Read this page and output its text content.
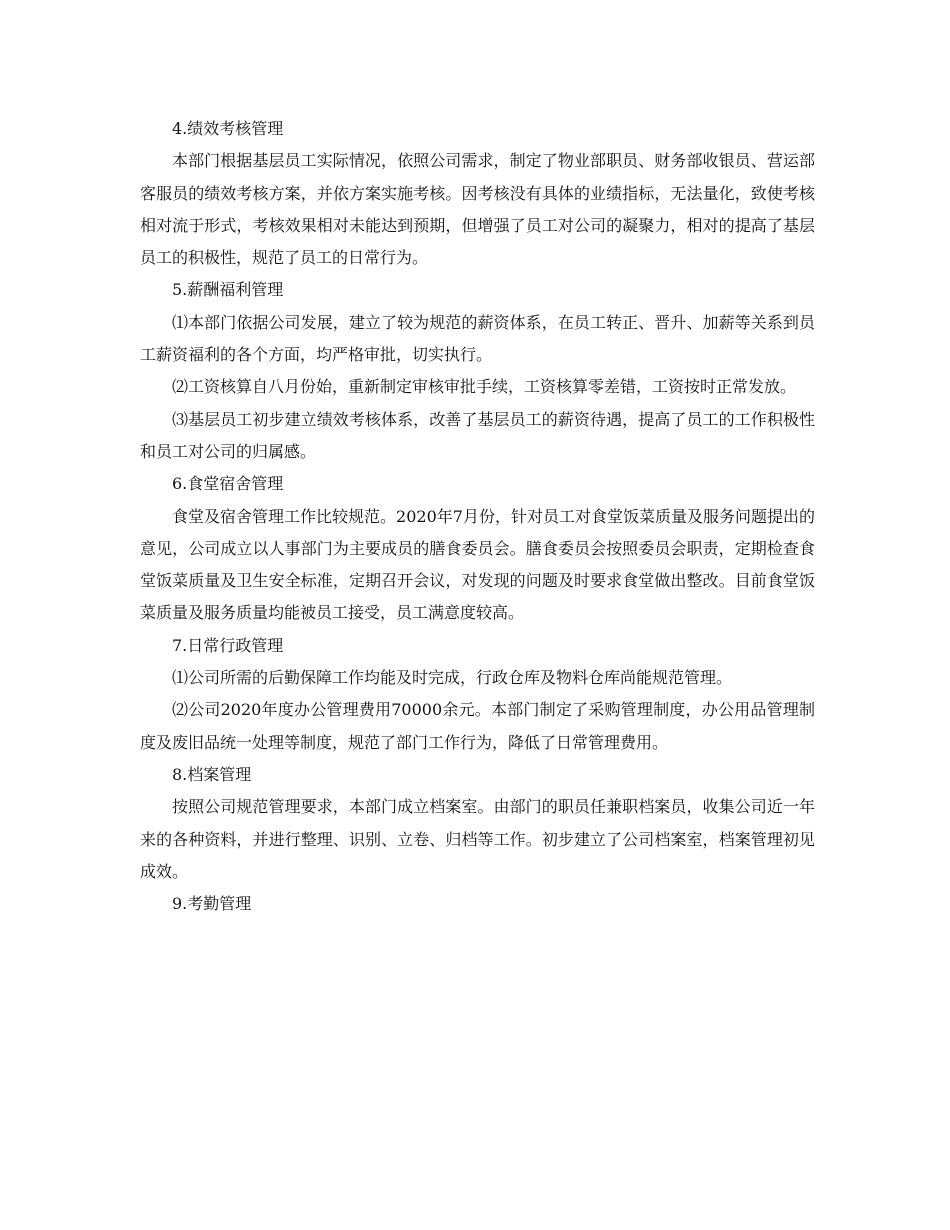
4.绩效考核管理

本部门根据基层员工实际情况，依照公司需求，制定了物业部职员、财务部收银员、营运部客服员的绩效考核方案，并依方案实施考核。因考核没有具体的业绩指标，无法量化，致使考核相对流于形式，考核效果相对未能达到预期，但增强了员工对公司的凝聚力，相对的提高了基层员工的积极性，规范了员工的日常行为。

5.薪酬福利管理

⑴本部门依据公司发展，建立了较为规范的薪资体系，在员工转正、晋升、加薪等关系到员工薪资福利的各个方面，均严格审批，切实执行。

⑵工资核算自八月份始，重新制定审核审批手续，工资核算零差错，工资按时正常发放。

⑶基层员工初步建立绩效考核体系，改善了基层员工的薪资待遇，提高了员工的工作积极性和员工对公司的归属感。

6.食堂宿舍管理

食堂及宿舍管理工作比较规范。2020年7月份，针对员工对食堂饭菜质量及服务问题提出的意见，公司成立以人事部门为主要成员的膳食委员会。膳食委员会按照委员会职责，定期检查食堂饭菜质量及卫生安全标准，定期召开会议，对发现的问题及时要求食堂做出整改。目前食堂饭菜质量及服务质量均能被员工接受，员工满意度较高。

7.日常行政管理

⑴公司所需的后勤保障工作均能及时完成，行政仓库及物料仓库尚能规范管理。

⑵公司2020年度办公管理费用70000余元。本部门制定了采购管理制度，办公用品管理制度及废旧品统一处理等制度，规范了部门工作行为，降低了日常管理费用。

8.档案管理

按照公司规范管理要求，本部门成立档案室。由部门的职员任兼职档案员，收集公司近一年来的各种资料，并进行整理、识别、立卷、归档等工作。初步建立了公司档案室，档案管理初见成效。

9.考勤管理
